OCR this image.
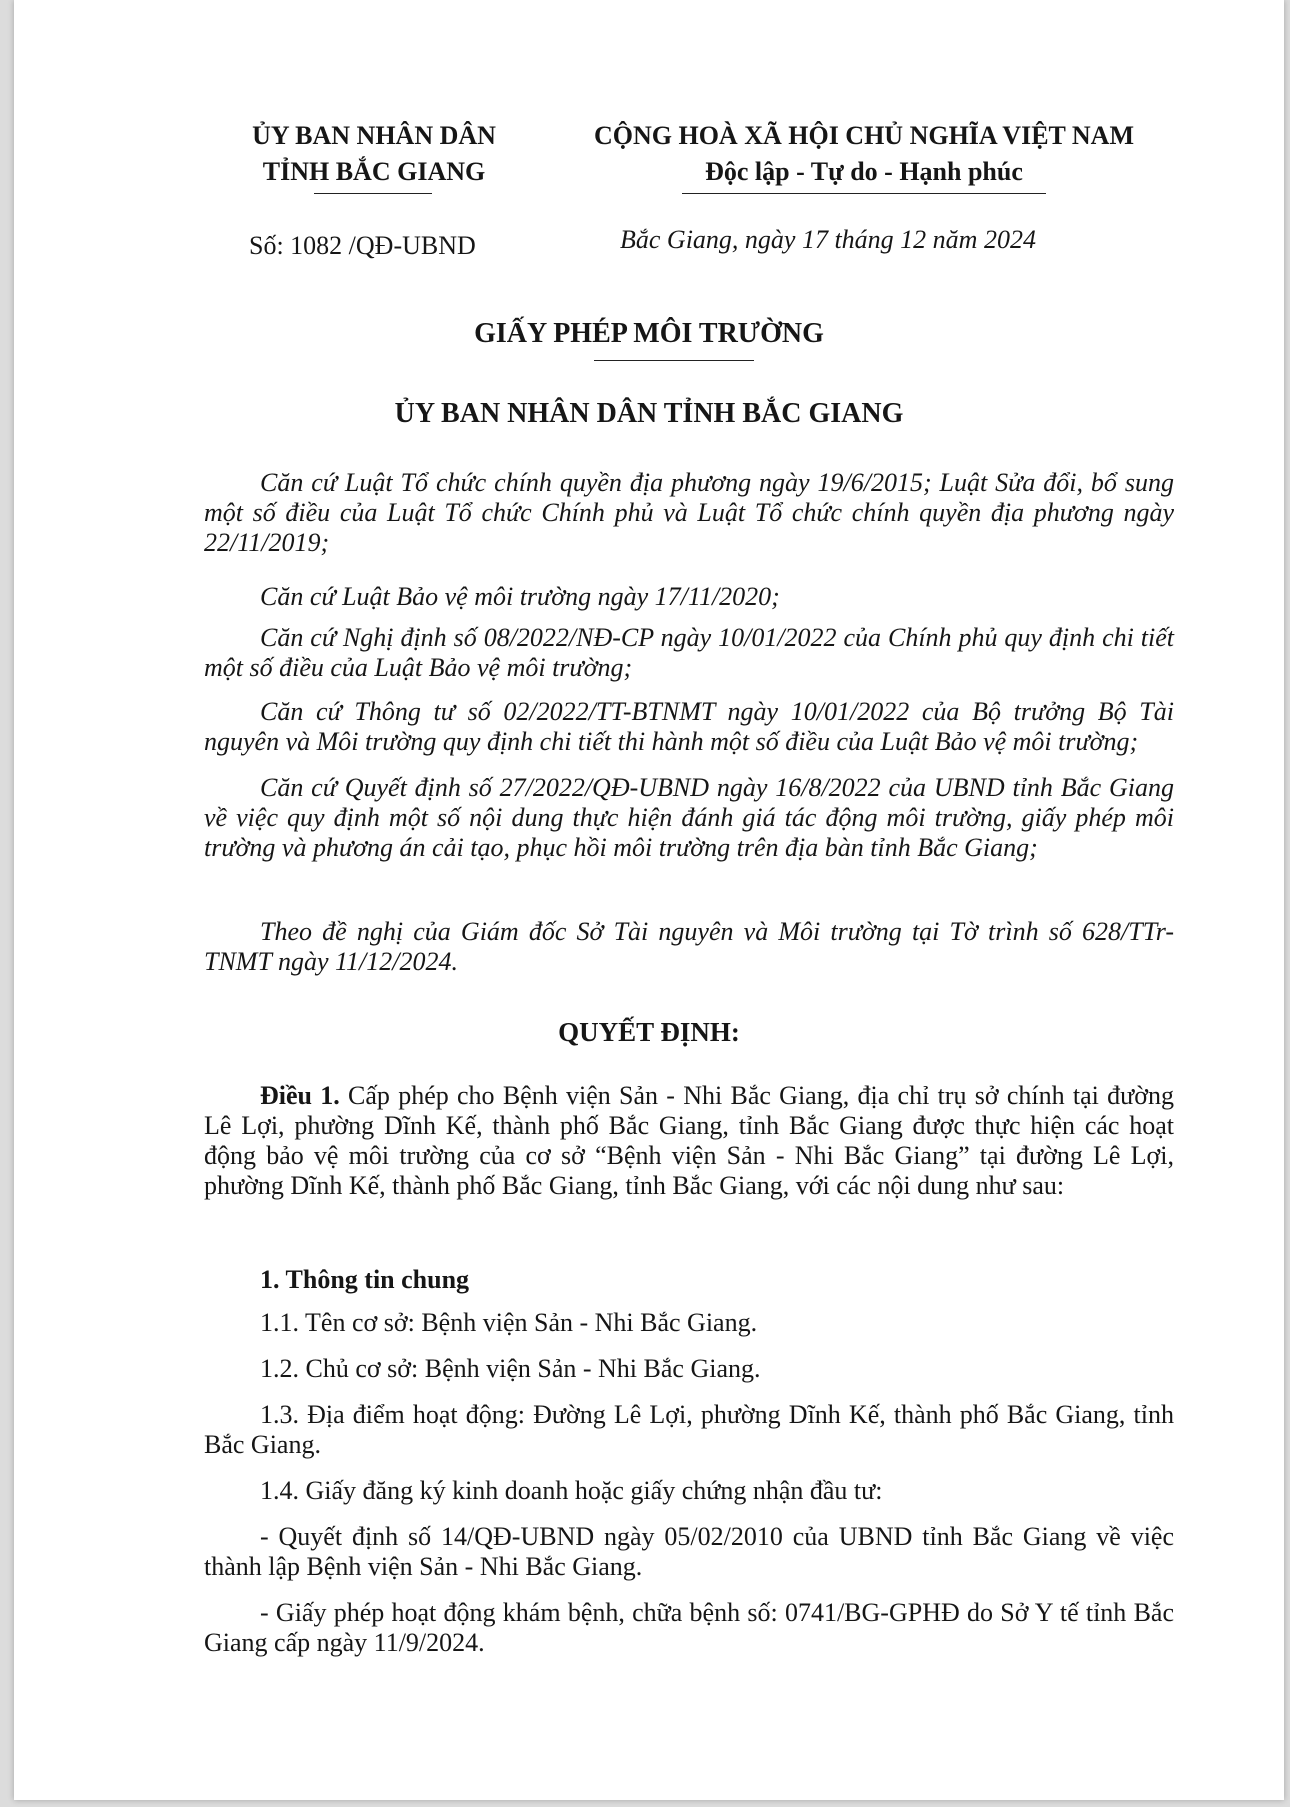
ỦY BAN NHÂN DÂN
TỈNH BẮC GIANG
CỘNG HOÀ XÃ HỘI CHỦ NGHĨA VIỆT NAM
Độc lập - Tự do - Hạnh phúc
Số: 1082 /QĐ-UBND	Bắc Giang, ngày 17 tháng 12 năm 2024
GIẤY PHÉP MÔI TRƯỜNG
ỦY BAN NHÂN DÂN TỈNH BẮC GIANG
Căn cứ Luật Tổ chức chính quyền địa phương ngày 19/6/2015; Luật Sửa đổi, bổ sung một số điều của Luật Tổ chức Chính phủ và Luật Tổ chức chính quyền địa phương ngày 22/11/2019;
Căn cứ Luật Bảo vệ môi trường ngày 17/11/2020;
Căn cứ Nghị định số 08/2022/NĐ-CP ngày 10/01/2022 của Chính phủ quy định chi tiết một số điều của Luật Bảo vệ môi trường;
Căn cứ Thông tư số 02/2022/TT-BTNMT ngày 10/01/2022 của Bộ trưởng Bộ Tài nguyên và Môi trường quy định chi tiết thi hành một số điều của Luật Bảo vệ môi trường;
Căn cứ Quyết định số 27/2022/QĐ-UBND ngày 16/8/2022 của UBND tỉnh Bắc Giang về việc quy định một số nội dung thực hiện đánh giá tác động môi trường, giấy phép môi trường và phương án cải tạo, phục hồi môi trường trên địa bàn tỉnh Bắc Giang;
Theo đề nghị của Giám đốc Sở Tài nguyên và Môi trường tại Tờ trình số 628/TTr-TNMT ngày 11/12/2024.
QUYẾT ĐỊNH:
Điều 1. Cấp phép cho Bệnh viện Sản - Nhi Bắc Giang, địa chỉ trụ sở chính tại đường Lê Lợi, phường Dĩnh Kế, thành phố Bắc Giang, tỉnh Bắc Giang được thực hiện các hoạt động bảo vệ môi trường của cơ sở “Bệnh viện Sản - Nhi Bắc Giang” tại đường Lê Lợi, phường Dĩnh Kế, thành phố Bắc Giang, tỉnh Bắc Giang, với các nội dung như sau:
1. Thông tin chung
1.1. Tên cơ sở: Bệnh viện Sản - Nhi Bắc Giang.
1.2. Chủ cơ sở: Bệnh viện Sản - Nhi Bắc Giang.
1.3. Địa điểm hoạt động: Đường Lê Lợi, phường Dĩnh Kế, thành phố Bắc Giang, tỉnh Bắc Giang.
1.4. Giấy đăng ký kinh doanh hoặc giấy chứng nhận đầu tư:
- Quyết định số 14/QĐ-UBND ngày 05/02/2010 của UBND tỉnh Bắc Giang về việc thành lập Bệnh viện Sản - Nhi Bắc Giang.
- Giấy phép hoạt động khám bệnh, chữa bệnh số: 0741/BG-GPHĐ do Sở Y tế tỉnh Bắc Giang cấp ngày 11/9/2024.
